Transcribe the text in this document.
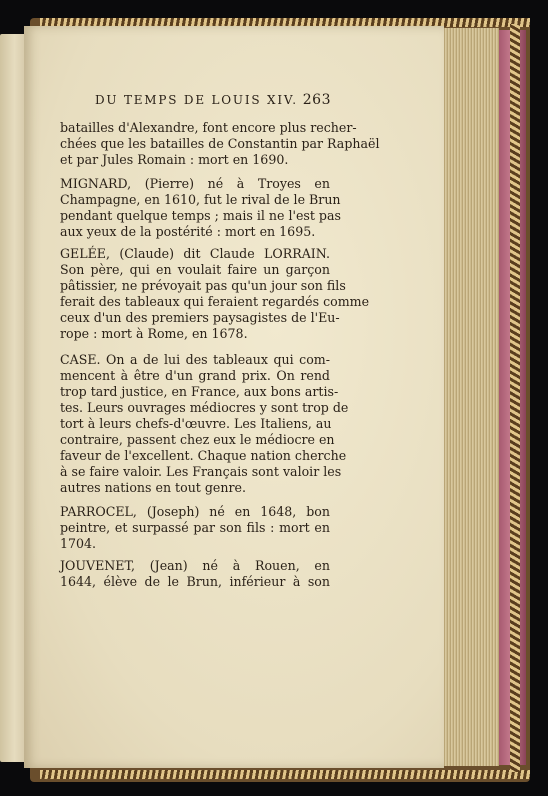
DU TEMPS DE LOUIS XIV. 263
batailles d'Alexandre, font encore plus recher-
chées que les batailles de Constantin par Raphaël
et par Jules Romain : mort en 1690.
MIGNARD, (Pierre) né à Troyes en
Champagne, en 1610, fut le rival de le Brun
pendant quelque temps ; mais il ne l'est pas
aux yeux de la postérité : mort en 1695.
GELÉE, (Claude) dit Claude LORRAIN.
Son père, qui en voulait faire un garçon
pâtissier, ne prévoyait pas qu'un jour son fils
ferait des tableaux qui feraient regardés comme
ceux d'un des premiers paysagistes de l'Eu-
rope : mort à Rome, en 1678.
CASE. On a de lui des tableaux qui com-
mencent à être d'un grand prix. On rend
trop tard justice, en France, aux bons artis-
tes. Leurs ouvrages médiocres y sont trop de
tort à leurs chefs-d'œuvre. Les Italiens, au
contraire, passent chez eux le médiocre en
faveur de l'excellent. Chaque nation cherche
à se faire valoir. Les Français sont valoir les
autres nations en tout genre.
PARROCEL, (Joseph) né en 1648, bon
peintre, et surpassé par son fils : mort en
1704.
JOUVENET, (Jean) né à Rouen, en
1644, élève de le Brun, inférieur à son
